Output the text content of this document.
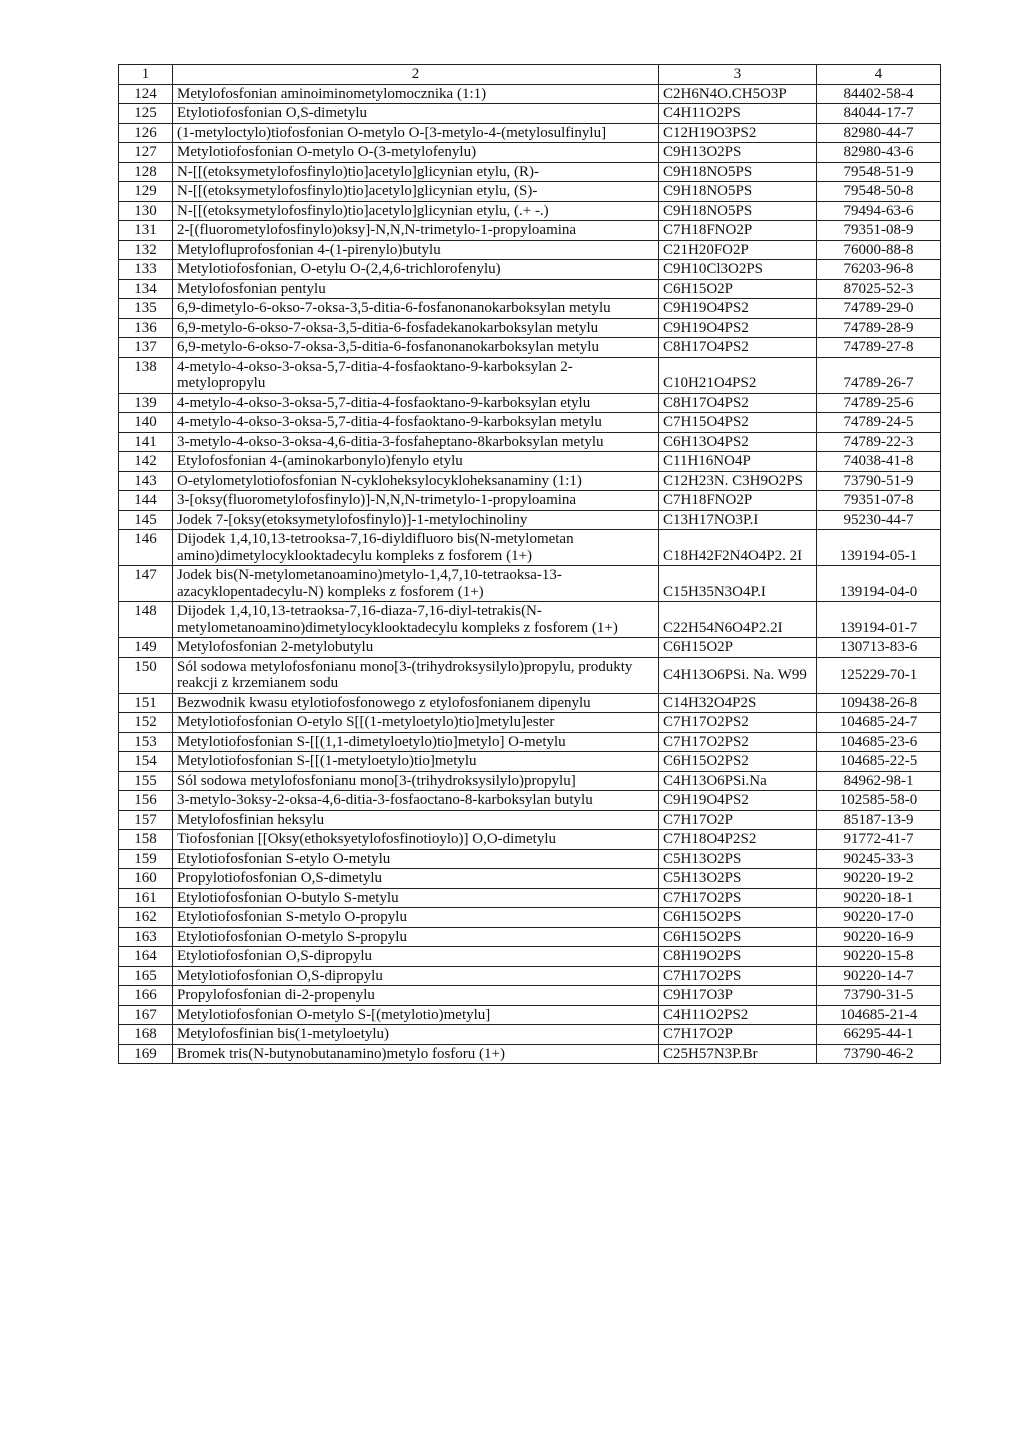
1	2	3	4
124	Metylofosfonian aminoiminometylomocznika (1:1)	C2H6N4O.CH5O3P	84402-58-4
125	Etylotiofosfonian O,S-dimetylu	C4H11O2PS	84044-17-7
126	(1-metyloctylo)tiofosfonian O-metylo O-[3-metylo-4-(metylosulfinylu]	C12H19O3PS2	82980-44-7
127	Metylotiofosfonian O-metylo O-(3-metylofenylu)	C9H13O2PS	82980-43-6
128	N-[[(etoksymetylofosfinylo)tio]acetylo]glicynian etylu, (R)-	C9H18NO5PS	79548-51-9
129	N-[[(etoksymetylofosfinylo)tio]acetylo]glicynian etylu, (S)-	C9H18NO5PS	79548-50-8
130	N-[[(etoksymetylofosfinylo)tio]acetylo]glicynian etylu, (.+ -.)	C9H18NO5PS	79494-63-6
131	2-[(fluorometylofosfinylo)oksy]-N,N,N-trimetylo-1-propyloamina	C7H18FNO2P	79351-08-9
132	Metylofluprofosfonian 4-(1-pirenylo)butylu	C21H20FO2P	76000-88-8
133	Metylotiofosfonian, O-etylu O-(2,4,6-trichlorofenylu)	C9H10Cl3O2PS	76203-96-8
134	Metylofosfonian pentylu	C6H15O2P	87025-52-3
135	6,9-dimetylo-6-okso-7-oksa-3,5-ditia-6-fosfanonanokarboksylan metylu	C9H19O4PS2	74789-29-0
136	6,9-metylo-6-okso-7-oksa-3,5-ditia-6-fosfadekanokarboksylan metylu	C9H19O4PS2	74789-28-9
137	6,9-metylo-6-okso-7-oksa-3,5-ditia-6-fosfanonanokarboksylan metylu	C8H17O4PS2	74789-27-8
138	4-metylo-4-okso-3-oksa-5,7-ditia-4-fosfaoktano-9-karboksylan 2-metylopropylu	C10H21O4PS2	74789-26-7
139	4-metylo-4-okso-3-oksa-5,7-ditia-4-fosfaoktano-9-karboksylan etylu	C8H17O4PS2	74789-25-6
140	4-metylo-4-okso-3-oksa-5,7-ditia-4-fosfaoktano-9-karboksylan metylu	C7H15O4PS2	74789-24-5
141	3-metylo-4-okso-3-oksa-4,6-ditia-3-fosfaheptano-8karboksylan metylu	C6H13O4PS2	74789-22-3
142	Etylofosfonian 4-(aminokarbonylo)fenylo etylu	C11H16NO4P	74038-41-8
143	O-etylometylotiofosfonian N-cykloheksylocykloheksanaminy (1:1)	C12H23N. C3H9O2PS	73790-51-9
144	3-[oksy(fluorometylofosfinylo)]-N,N,N-trimetylo-1-propyloamina	C7H18FNO2P	79351-07-8
145	Jodek 7-[oksy(etoksymetylofosfinylo)]-1-metylochinoliny	C13H17NO3P.I	95230-44-7
146	Dijodek 1,4,10,13-tetrooksa-7,16-diyldifluoro bis(N-metylometan amino)dimetylocyklooktadecylu kompleks z fosforem (1+)	C18H42F2N4O4P2. 2I	139194-05-1
147	Jodek bis(N-metylometanoamino)metylo-1,4,7,10-tetraoksa-13-azacyklopentadecylu-N) kompleks z fosforem (1+)	C15H35N3O4P.I	139194-04-0
148	Dijodek 1,4,10,13-tetraoksa-7,16-diaza-7,16-diyl-tetrakis(N-metylometanoamino)dimetylocyklooktadecylu kompleks z fosforem (1+)	C22H54N6O4P2.2I	139194-01-7
149	Metylofosfonian 2-metylobutylu	C6H15O2P	130713-83-6
150	Sól sodowa metylofosfonianu mono[3-(trihydroksysilylo)propylu, produkty reakcji z krzemianem sodu	C4H13O6PSi. Na. W99	125229-70-1
151	Bezwodnik kwasu etylotiofosfonowego z etylofosfonianem dipenylu	C14H32O4P2S	109438-26-8
152	Metylotiofosfonian O-etylo S[[(1-metyloetylo)tio]metylu]ester	C7H17O2PS2	104685-24-7
153	Metylotiofosfonian S-[[(1,1-dimetyloetylo)tio]metylo] O-metylu	C7H17O2PS2	104685-23-6
154	Metylotiofosfonian S-[[(1-metyloetylo)tio]metylu	C6H15O2PS2	104685-22-5
155	Sól sodowa metylofosfonianu mono[3-(trihydroksysilylo)propylu]	C4H13O6PSi.Na	84962-98-1
156	3-metylo-3oksy-2-oksa-4,6-ditia-3-fosfaoctano-8-karboksylan butylu	C9H19O4PS2	102585-58-0
157	Metylofosfinian heksylu	C7H17O2P	85187-13-9
158	Tiofosfonian [[Oksy(ethoksyetylofosfinotioylo)] O,O-dimetylu	C7H18O4P2S2	91772-41-7
159	Etylotiofosfonian S-etylo O-metylu	C5H13O2PS	90245-33-3
160	Propylotiofosfonian O,S-dimetylu	C5H13O2PS	90220-19-2
161	Etylotiofosfonian O-butylo S-metylu	C7H17O2PS	90220-18-1
162	Etylotiofosfonian S-metylo O-propylu	C6H15O2PS	90220-17-0
163	Etylotiofosfonian O-metylo S-propylu	C6H15O2PS	90220-16-9
164	Etylotiofosfonian O,S-dipropylu	C8H19O2PS	90220-15-8
165	Metylotiofosfonian O,S-dipropylu	C7H17O2PS	90220-14-7
166	Propylofosfonian di-2-propenylu	C9H17O3P	73790-31-5
167	Metylotiofosfonian O-metylo S-[(metylotio)metylu]	C4H11O2PS2	104685-21-4
168	Metylofosfinian bis(1-metyloetylu)	C7H17O2P	66295-44-1
169	Bromek tris(N-butynobutanamino)metylo fosforu (1+)	C25H57N3P.Br	73790-46-2
